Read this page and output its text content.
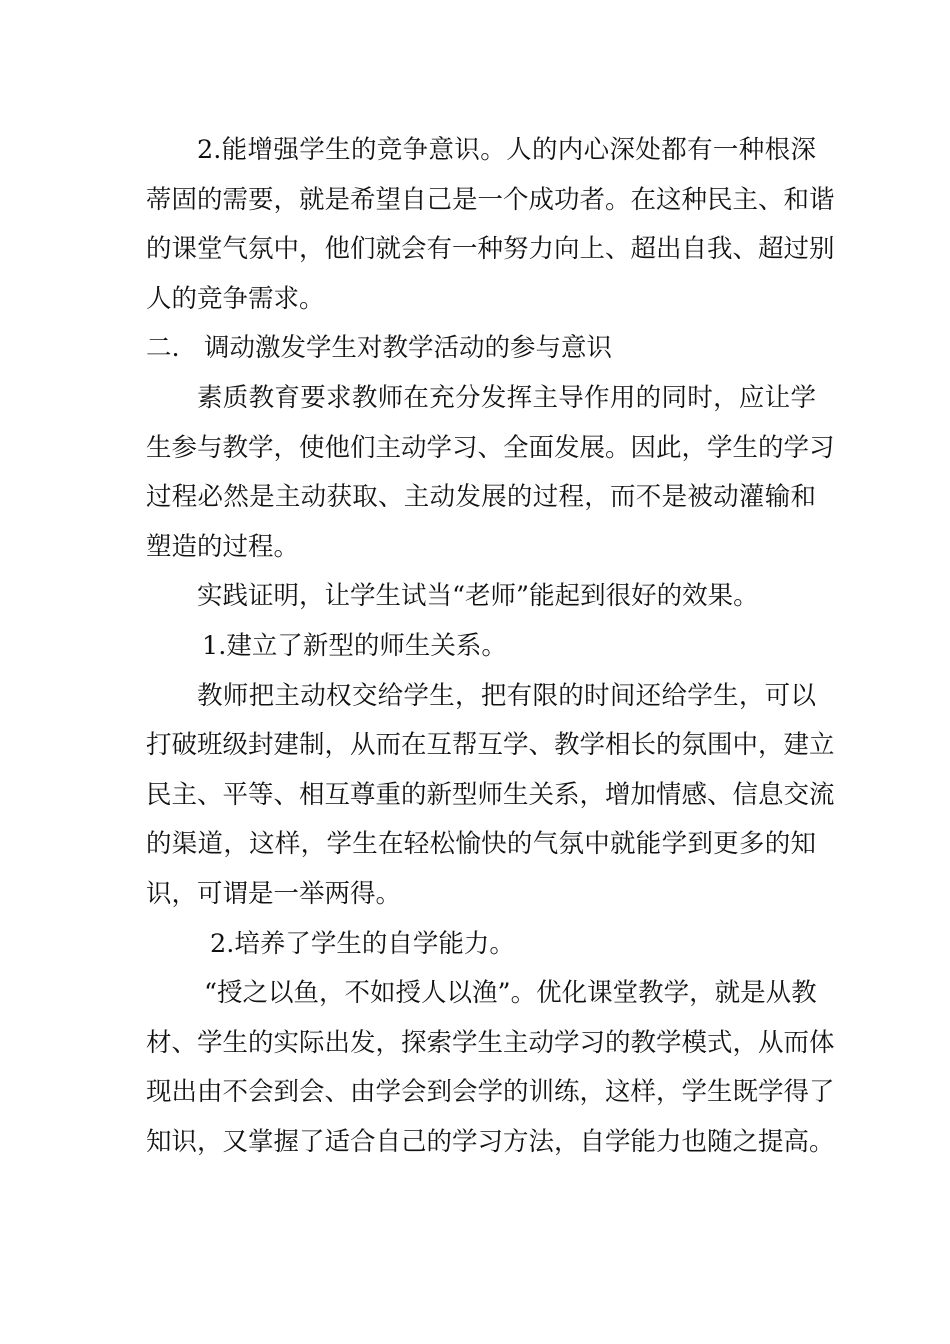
2.能增强学生的竞争意识。人的内心深处都有一种根深
蒂固的需要，就是希望自己是一个成功者。在这种民主、和谐
的课堂气氛中，他们就会有一种努力向上、超出自我、超过别
人的竞争需求。
二. 调动激发学生对教学活动的参与意识
素质教育要求教师在充分发挥主导作用的同时，应让学
生参与教学，使他们主动学习、全面发展。因此，学生的学习
过程必然是主动获取、主动发展的过程，而不是被动灌输和
塑造的过程。
实践证明，让学生试当“老师”能起到很好的效果。
1.建立了新型的师生关系。
教师把主动权交给学生，把有限的时间还给学生，可以
打破班级封建制，从而在互帮互学、教学相长的氛围中，建立
民主、平等、相互尊重的新型师生关系，增加情感、信息交流
的渠道，这样，学生在轻松愉快的气氛中就能学到更多的知
识，可谓是一举两得。
2.培养了学生的自学能力。
“授之以鱼，不如授人以渔”。优化课堂教学，就是从教
材、学生的实际出发，探索学生主动学习的教学模式，从而体
现出由不会到会、由学会到会学的训练，这样，学生既学得了
知识，又掌握了适合自己的学习方法，自学能力也随之提高。
